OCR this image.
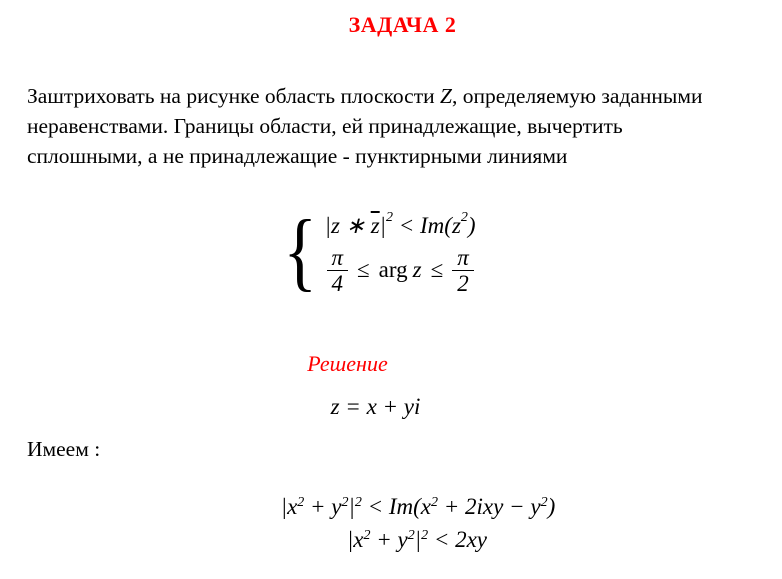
ЗАДАЧА 2
Заштриховать на рисунке область плоскости Z, определяемую заданными неравенствами. Границы области, ей принадлежащие, вычертить сплошными, а не принадлежащие - пунктирными линиями
{ |z ∗ $\overline{z}$ | 2 < Im(z 2 )
$\frac{\pi}{4}$ ≤ arg $z \le \frac{\pi}{2}$
Решение
z = x + yi
Имеем :

$|x^2 + y^2|^2 < Im(x^2 + 2ixy - y^2)$

$|x^2 + y^2|^2 < 2xy$
